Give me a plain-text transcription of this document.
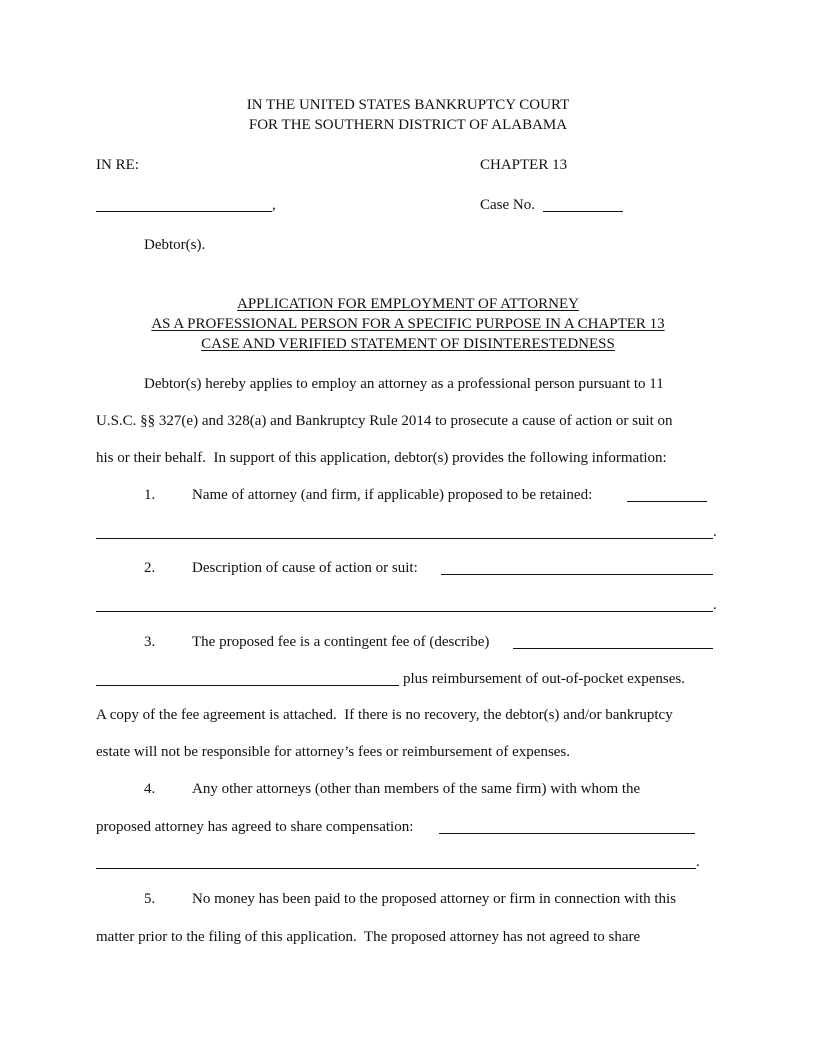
IN THE UNITED STATES BANKRUPTCY COURT
FOR THE SOUTHERN DISTRICT OF ALABAMA
IN RE:	CHAPTER 13
,	Case No.
Debtor(s).
APPLICATION FOR EMPLOYMENT OF ATTORNEY
AS A PROFESSIONAL PERSON FOR A SPECIFIC PURPOSE IN A CHAPTER 13
CASE AND VERIFIED STATEMENT OF DISINTERESTEDNESS
Debtor(s) hereby applies to employ an attorney as a professional person pursuant to 11
U.S.C. §§ 327(e) and 328(a) and Bankruptcy Rule 2014 to prosecute a cause of action or suit on
his or their behalf.  In support of this application, debtor(s) provides the following information:
1. Name of attorney (and firm, if applicable) proposed to be retained:
.
2. Description of cause of action or suit:
.
3. The proposed fee is a contingent fee of (describe)
plus reimbursement of out-of-pocket expenses.
A copy of the fee agreement is attached.  If there is no recovery, the debtor(s) and/or bankruptcy
estate will not be responsible for attorney’s fees or reimbursement of expenses.
4. Any other attorneys (other than members of the same firm) with whom the
proposed attorney has agreed to share compensation:
.
5. No money has been paid to the proposed attorney or firm in connection with this
matter prior to the filing of this application.  The proposed attorney has not agreed to share
